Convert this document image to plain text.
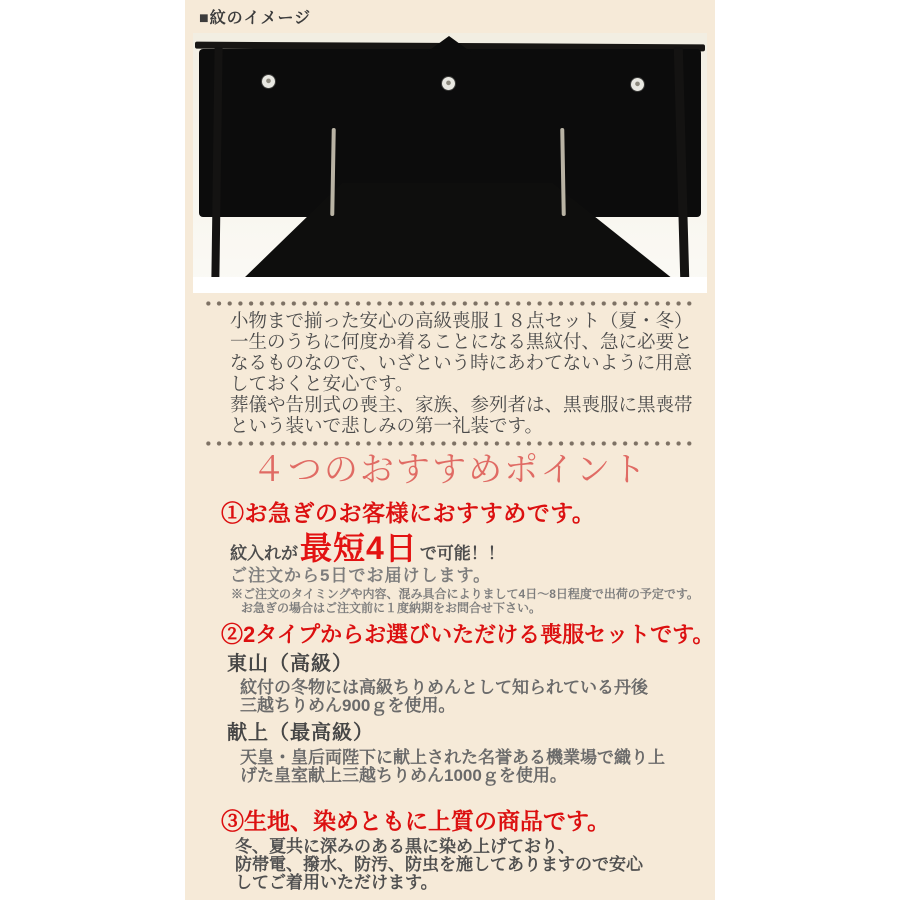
■紋のイメージ
小物まで揃った安心の高級喪服１８点セット（夏・冬）
一生のうちに何度か着ることになる黒紋付、急に必要と
なるものなので、いざという時にあわてないように用意
しておくと安心です。
葬儀や告別式の喪主、家族、参列者は、黒喪服に黒喪帯
という装いで悲しみの第一礼装です。
４つのおすすめポイント
①お急ぎのお客様におすすめです。
紋入れが 最短4日 で可能！！
ご注文から5日でお届けします。
※ご注文のタイミングや内容、混み具合によりまして4日～8日程度で出荷の予定です。
お急ぎの場合はご注文前に１度納期をお問合せ下さい。
②2タイプからお選びいただける喪服セットです。
東山（高級）
紋付の冬物には高級ちりめんとして知られている丹後
三越ちりめん900ｇを使用。
献上（最高級）
天皇・皇后両陛下に献上された名誉ある機業場で織り上
げた皇室献上三越ちりめん1000ｇを使用。
③生地、染めともに上質の商品です。
冬、夏共に深みのある黒に染め上げており、
防帯電、撥水、防汚、防虫を施してありますので安心
してご着用いただけます。
